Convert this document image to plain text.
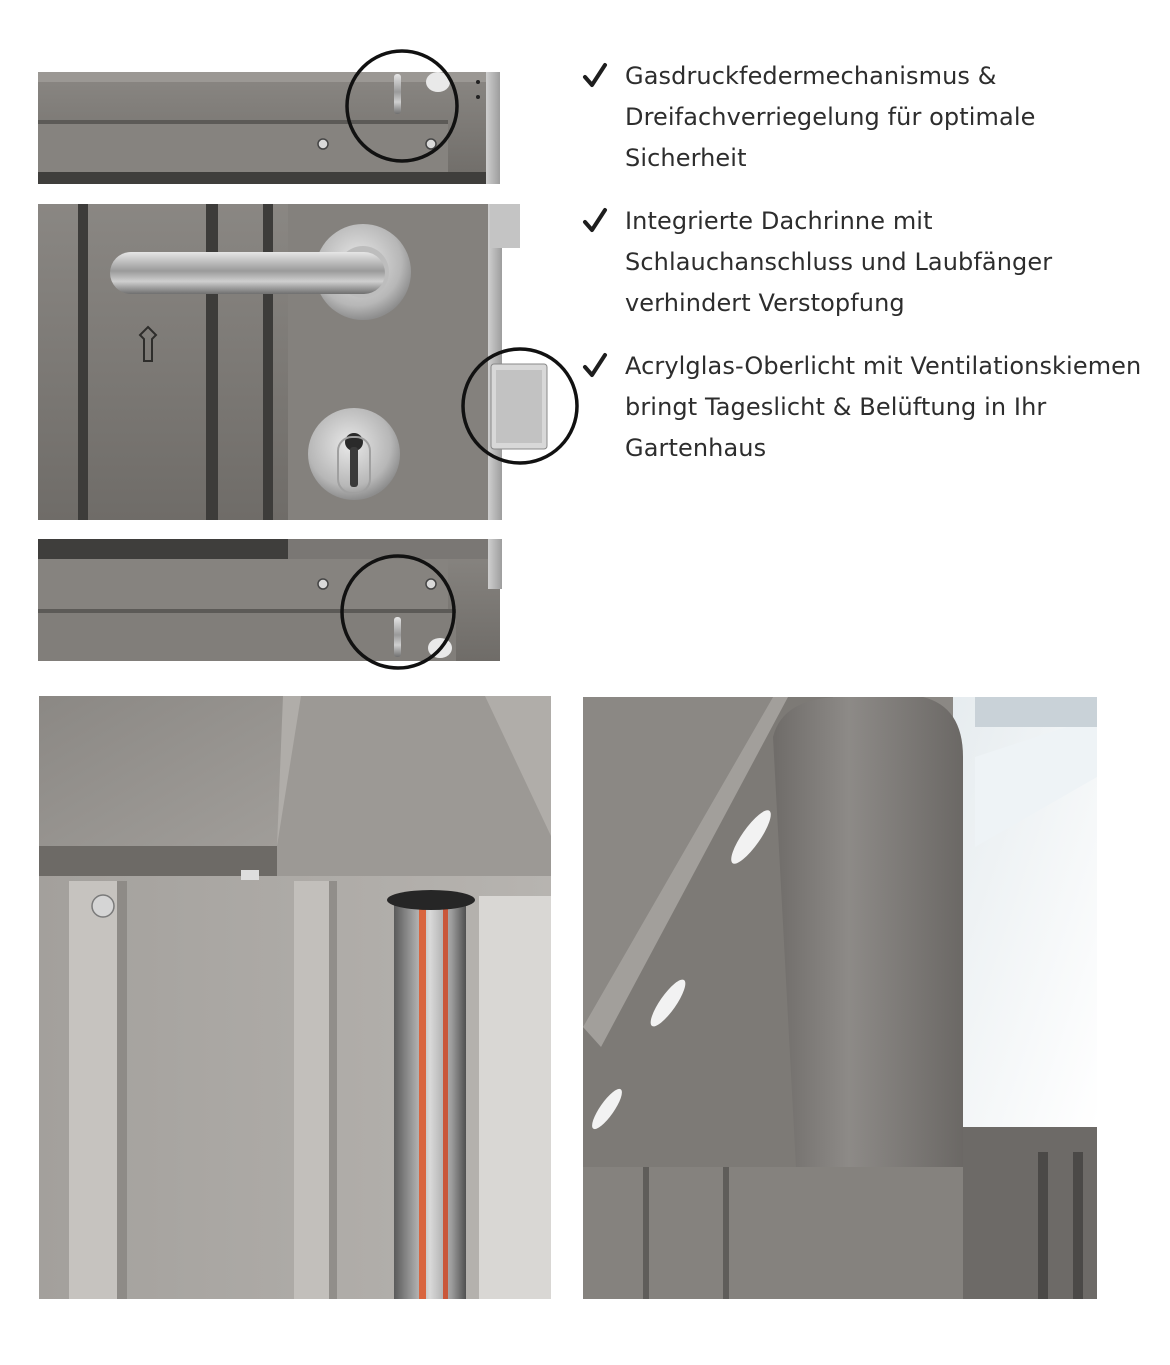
Gasdruckfedermechanismus & Dreifachverriegelung für optimale Sicherheit
Integrierte Dachrinne mit Schlauchanschluss und Laubfänger verhindert Verstopfung
Acrylglas-Oberlicht mit Ventilationskiemen bringt Tageslicht & Belüftung in Ihr Gartenhaus
